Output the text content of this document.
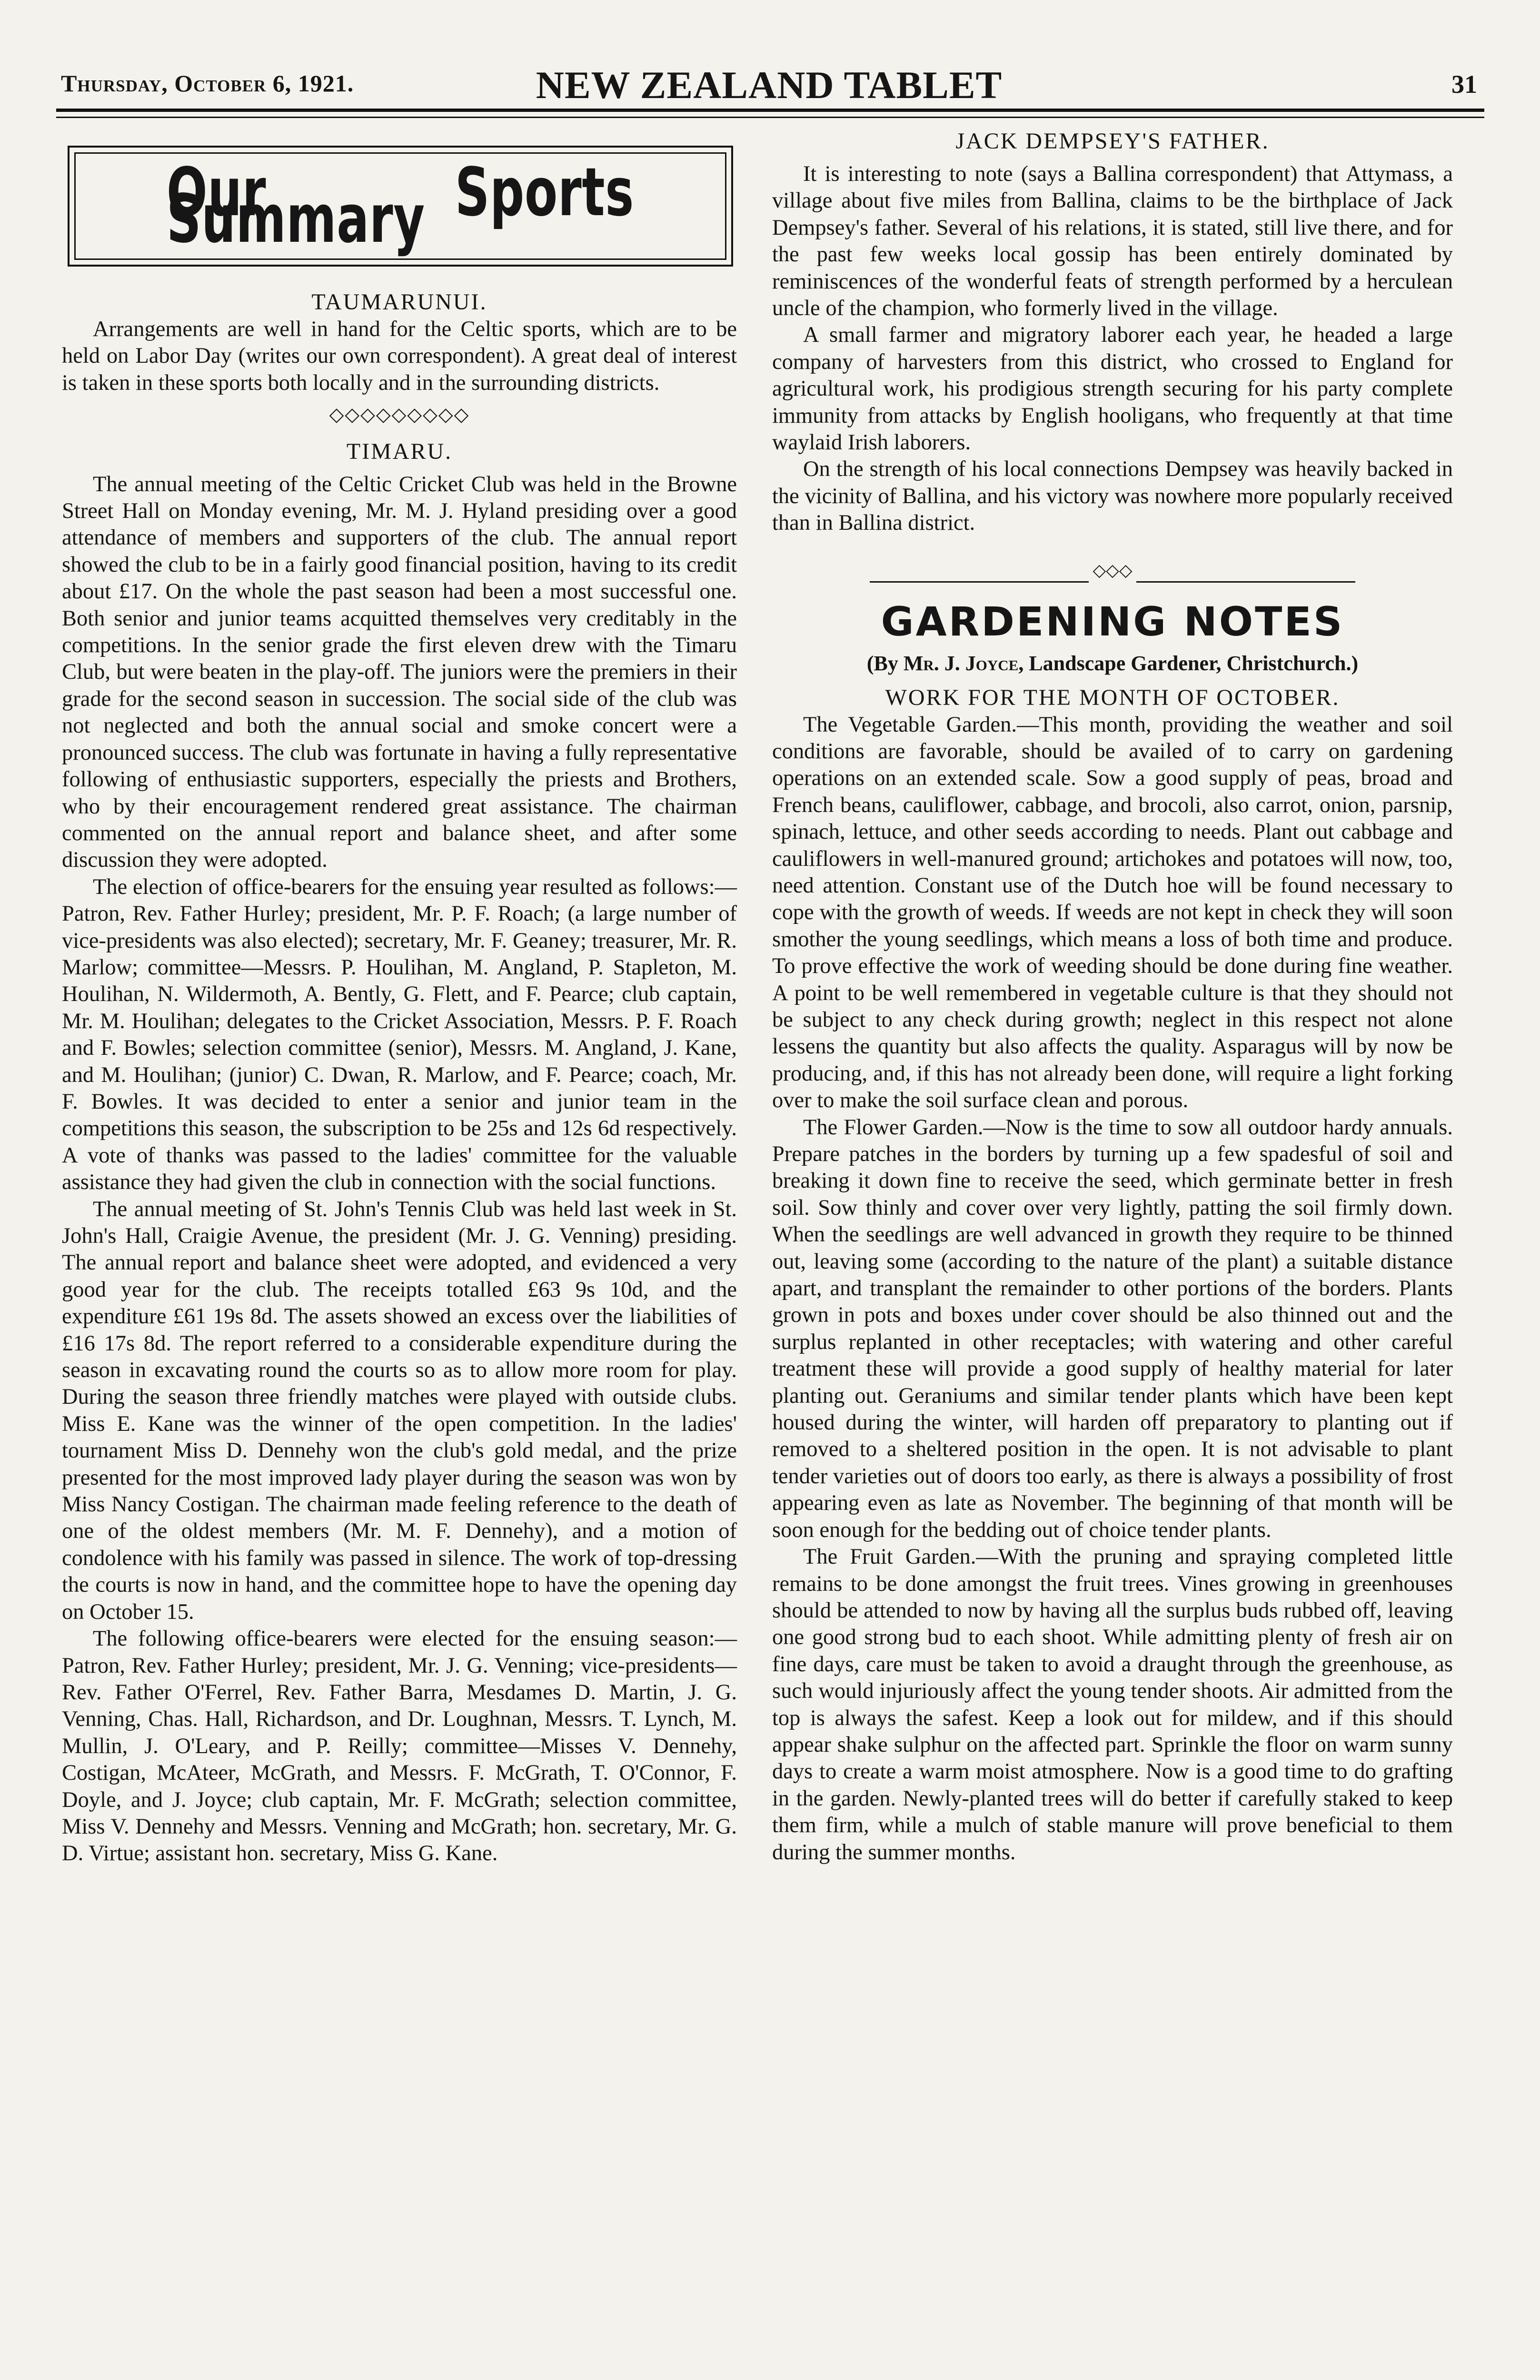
Thursday, October 6, 1921.	NEW ZEALAND TABLET	31
Our Sports Summary
TAUMARUNUI.

Arrangements are well in hand for the Celtic sports, which are to be held on Labor Day (writes our own correspondent). A great deal of interest is taken in these sports both locally and in the surrounding districts.

◇◇◇◇◇◇◇◇◇
TIMARU.

The annual meeting of the Celtic Cricket Club was held in the Browne Street Hall on Monday evening, Mr. M. J. Hyland presiding over a good attendance of members and supporters of the club. The annual report showed the club to be in a fairly good financial position, having to its credit about £17. On the whole the past season had been a most successful one. Both senior and junior teams acquitted themselves very creditably in the competitions. In the senior grade the first eleven drew with the Timaru Club, but were beaten in the play-off. The juniors were the premiers in their grade for the second season in succession. The social side of the club was not neglected and both the annual social and smoke concert were a pronounced success. The club was fortunate in having a fully representative following of enthusiastic supporters, especially the priests and Brothers, who by their encouragement rendered great assistance. The chairman commented on the annual report and balance sheet, and after some discussion they were adopted.

The election of office-bearers for the ensuing year resulted as follows:—Patron, Rev. Father Hurley; president, Mr. P. F. Roach; (a large number of vice-presidents was also elected); secretary, Mr. F. Geaney; treasurer, Mr. R. Marlow; committee—Messrs. P. Houlihan, M. Angland, P. Stapleton, M. Houlihan, N. Wildermoth, A. Bently, G. Flett, and F. Pearce; club captain, Mr. M. Houlihan; delegates to the Cricket Association, Messrs. P. F. Roach and F. Bowles; selection committee (senior), Messrs. M. Angland, J. Kane, and M. Houlihan; (junior) C. Dwan, R. Marlow, and F. Pearce; coach, Mr. F. Bowles. It was decided to enter a senior and junior team in the competitions this season, the subscription to be 25s and 12s 6d respectively. A vote of thanks was passed to the ladies' committee for the valuable assistance they had given the club in connection with the social functions.

The annual meeting of St. John's Tennis Club was held last week in St. John's Hall, Craigie Avenue, the president (Mr. J. G. Venning) presiding. The annual report and balance sheet were adopted, and evidenced a very good year for the club. The receipts totalled £63 9s 10d, and the expenditure £61 19s 8d. The assets showed an excess over the liabilities of £16 17s 8d. The report referred to a considerable expenditure during the season in excavating round the courts so as to allow more room for play. During the season three friendly matches were played with outside clubs. Miss E. Kane was the winner of the open competition. In the ladies' tournament Miss D. Dennehy won the club's gold medal, and the prize presented for the most improved lady player during the season was won by Miss Nancy Costigan. The chairman made feeling reference to the death of one of the oldest members (Mr. M. F. Dennehy), and a motion of condolence with his family was passed in silence. The work of top-dressing the courts is now in hand, and the committee hope to have the opening day on October 15.

The following office-bearers were elected for the ensuing season:—Patron, Rev. Father Hurley; president, Mr. J. G. Venning; vice-presidents—Rev. Father O'Ferrel, Rev. Father Barra, Mesdames D. Martin, J. G. Venning, Chas. Hall, Richardson, and Dr. Loughnan, Messrs. T. Lynch, M. Mullin, J. O'Leary, and P. Reilly; committee—Misses V. Dennehy, Costigan, McAteer, McGrath, and Messrs. F. McGrath, T. O'Connor, F. Doyle, and J. Joyce; club captain, Mr. F. McGrath; selection committee, Miss V. Dennehy and Messrs. Venning and McGrath; hon. secretary, Mr. G. D. Virtue; assistant hon. secretary, Miss G. Kane.

JACK DEMPSEY'S FATHER.

It is interesting to note (says a Ballina correspondent) that Attymass, a village about five miles from Ballina, claims to be the birthplace of Jack Dempsey's father. Several of his relations, it is stated, still live there, and for the past few weeks local gossip has been entirely dominated by reminiscences of the wonderful feats of strength performed by a herculean uncle of the champion, who formerly lived in the village.

A small farmer and migratory laborer each year, he headed a large company of harvesters from this district, who crossed to England for agricultural work, his prodigious strength securing for his party complete immunity from attacks by English hooligans, who frequently at that time waylaid Irish laborers.

On the strength of his local connections Dempsey was heavily backed in the vicinity of Ballina, and his victory was nowhere more popularly received than in Ballina district.

◇◇◇
GARDENING NOTES
(By Mr. J. Joyce, Landscape Gardener, Christchurch.)
WORK FOR THE MONTH OF OCTOBER.

The Vegetable Garden.—This month, providing the weather and soil conditions are favorable, should be availed of to carry on gardening operations on an extended scale. Sow a good supply of peas, broad and French beans, cauliflower, cabbage, and brocoli, also carrot, onion, parsnip, spinach, lettuce, and other seeds according to needs. Plant out cabbage and cauliflowers in well-manured ground; artichokes and potatoes will now, too, need attention. Constant use of the Dutch hoe will be found necessary to cope with the growth of weeds. If weeds are not kept in check they will soon smother the young seedlings, which means a loss of both time and produce. To prove effective the work of weeding should be done during fine weather. A point to be well remembered in vegetable culture is that they should not be subject to any check during growth; neglect in this respect not alone lessens the quantity but also affects the quality. Asparagus will by now be producing, and, if this has not already been done, will require a light forking over to make the soil surface clean and porous.

The Flower Garden.—Now is the time to sow all outdoor hardy annuals. Prepare patches in the borders by turning up a few spadesful of soil and breaking it down fine to receive the seed, which germinate better in fresh soil. Sow thinly and cover over very lightly, patting the soil firmly down. When the seedlings are well advanced in growth they require to be thinned out, leaving some (according to the nature of the plant) a suitable distance apart, and transplant the remainder to other portions of the borders. Plants grown in pots and boxes under cover should be also thinned out and the surplus replanted in other receptacles; with watering and other careful treatment these will provide a good supply of healthy material for later planting out. Geraniums and similar tender plants which have been kept housed during the winter, will harden off preparatory to planting out if removed to a sheltered position in the open. It is not advisable to plant tender varieties out of doors too early, as there is always a possibility of frost appearing even as late as November. The beginning of that month will be soon enough for the bedding out of choice tender plants.

The Fruit Garden.—With the pruning and spraying completed little remains to be done amongst the fruit trees. Vines growing in greenhouses should be attended to now by having all the surplus buds rubbed off, leaving one good strong bud to each shoot. While admitting plenty of fresh air on fine days, care must be taken to avoid a draught through the greenhouse, as such would injuriously affect the young tender shoots. Air admitted from the top is always the safest. Keep a look out for mildew, and if this should appear shake sulphur on the affected part. Sprinkle the floor on warm sunny days to create a warm moist atmosphere. Now is a good time to do grafting in the garden. Newly-planted trees will do better if carefully staked to keep them firm, while a mulch of stable manure will prove beneficial to them during the summer months.
